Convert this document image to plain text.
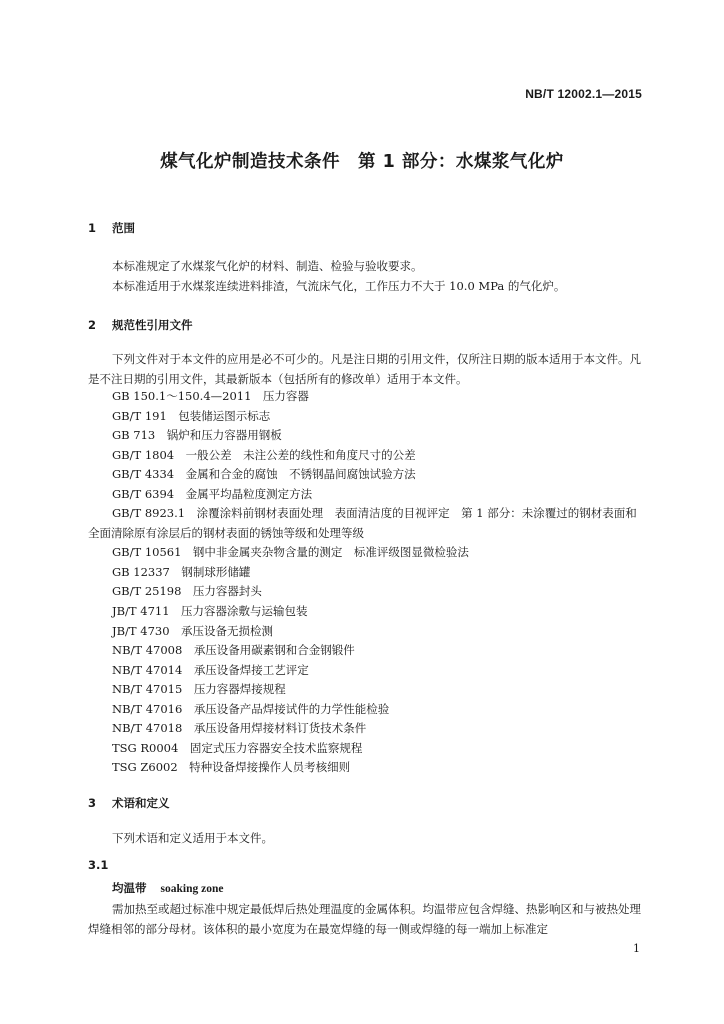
NB/T 12002.1—2015
煤气化炉制造技术条件　第 1 部分：水煤浆气化炉
1 范围
本标准规定了水煤浆气化炉的材料、制造、检验与验收要求。
本标准适用于水煤浆连续进料排渣，气流床气化，工作压力不大于 10.0 MPa 的气化炉。
2 规范性引用文件
下列文件对于本文件的应用是必不可少的。凡是注日期的引用文件，仅所注日期的版本适用于本文件。凡是不注日期的引用文件，其最新版本（包括所有的修改单）适用于本文件。
GB 150.1～150.4—2011　 压力容器
GB/T 191　 包装储运图示标志
GB 713　 锅炉和压力容器用钢板
GB/T 1804　 一般公差　未注公差的线性和角度尺寸的公差
GB/T 4334　 金属和合金的腐蚀　不锈钢晶间腐蚀试验方法
GB/T 6394　 金属平均晶粒度测定方法
GB/T 8923.1　 涂覆涂料前钢材表面处理　表面清洁度的目视评定　第 1 部分：未涂覆过的钢材表面和全面清除原有涂层后的钢材表面的锈蚀等级和处理等级
GB/T 10561　 钢中非金属夹杂物含量的测定　标准评级图显微检验法
GB 12337　 钢制球形储罐
GB/T 25198　 压力容器封头
JB/T 4711　 压力容器涂敷与运输包装
JB/T 4730　 承压设备无损检测
NB/T 47008　 承压设备用碳素钢和合金钢锻件
NB/T 47014　 承压设备焊接工艺评定
NB/T 47015　 压力容器焊接规程
NB/T 47016　 承压设备产品焊接试件的力学性能检验
NB/T 47018　 承压设备用焊接材料订货技术条件
TSG R0004　 固定式压力容器安全技术监察规程
TSG Z6002　 特种设备焊接操作人员考核细则
3 术语和定义
下列术语和定义适用于本文件。
3.1
均温带 soaking zone
需加热至或超过标准中规定最低焊后热处理温度的金属体积。均温带应包含焊缝、热影响区和与被热处理焊缝相邻的部分母材。该体积的最小宽度为在最宽焊缝的每一侧或焊缝的每一端加上标准定
1
